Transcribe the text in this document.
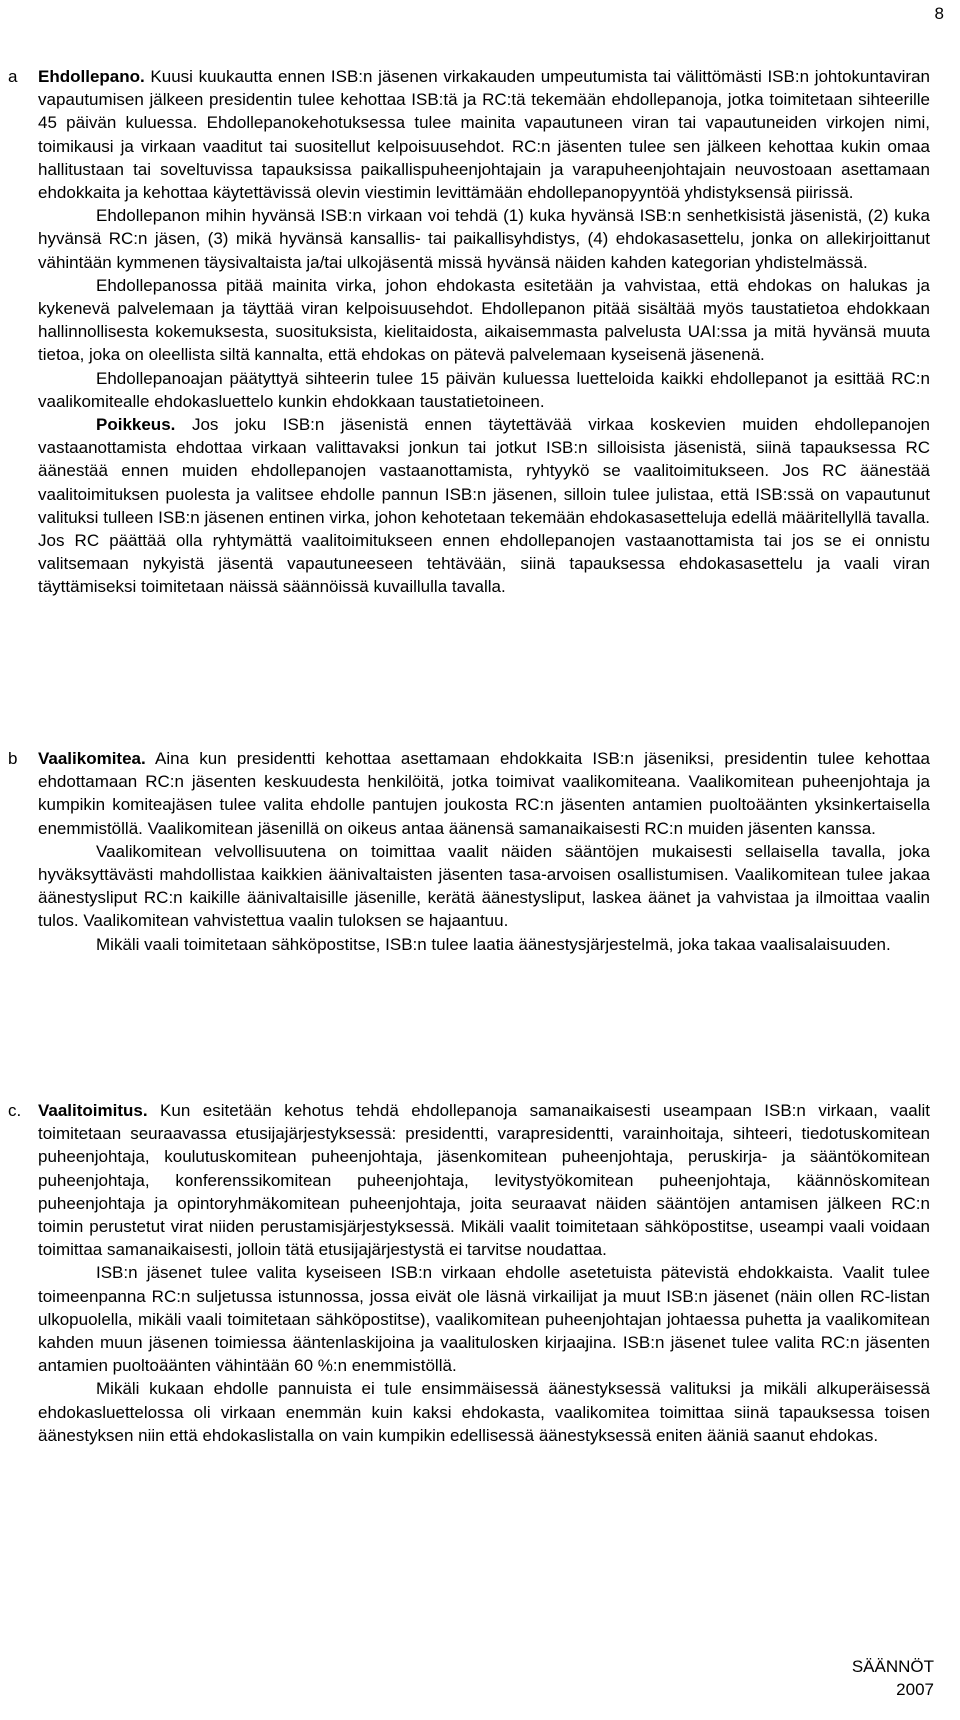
8
a	Ehdollepano. Kuusi kuukautta ennen ISB:n jäsenen virkakauden umpeutumista tai välittömästi ISB:n johtokuntaviran vapautumisen jälkeen presidentin tulee kehottaa ISB:tä ja RC:tä tekemään ehdollepanoja, jotka toimitetaan sihteerille 45 päivän kuluessa. Ehdollepanokehotuksessa tulee mainita vapautuneen viran tai vapautuneiden virkojen nimi, toimikausi ja virkaan vaaditut tai suositellut kelpoisuusehdot. RC:n jäsenten tulee sen jälkeen kehottaa kukin omaa hallitustaan tai soveltuvissa tapauksissa paikallispuheenjohtajain ja varapuheenjohtajain neuvostoaan asettamaan ehdokkaita ja kehottaa käytettävissä olevin viestimin levittämään ehdollepanopyyntöä yhdistyksensä piirissä.

Ehdollepanon mihin hyvänsä ISB:n virkaan voi tehdä (1) kuka hyvänsä ISB:n senhetkisistä jäsenistä, (2) kuka hyvänsä RC:n jäsen, (3) mikä hyvänsä kansallis- tai paikallisyhdistys, (4) ehdokasasettelu, jonka on allekirjoittanut vähintään kymmenen täysivaltaista ja/tai ulkojäsentä missä hyvänsä näiden kahden kategorian yhdistelmässä.

Ehdollepanossa pitää mainita virka, johon ehdokasta esitetään ja vahvistaa, että ehdokas on halukas ja kykenevä palvelemaan ja täyttää viran kelpoisuusehdot. Ehdollepanon pitää sisältää myös taustatietoa ehdokkaan hallinnollisesta kokemuksesta, suosituksista, kielitaidosta, aikaisemmasta palvelusta UAI:ssa ja mitä hyvänsä muuta tietoa, joka on oleellista siltä kannalta, että ehdokas on pätevä palvelemaan kyseisenä jäsenenä.

Ehdollepanoajan päätyttyä sihteerin tulee 15 päivän kuluessa luetteloida kaikki ehdollepanot ja esittää RC:n vaalikomitealle ehdokasluettelo kunkin ehdokkaan taustatietoineen.

Poikkeus. Jos joku ISB:n jäsenistä ennen täytettävää virkaa koskevien muiden ehdollepanojen vastaanottamista ehdottaa virkaan valittavaksi jonkun tai jotkut ISB:n silloisista jäsenistä, siinä tapauksessa RC äänestää ennen muiden ehdollepanojen vastaanottamista, ryhtyykö se vaalitoimitukseen. Jos RC äänestää vaalitoimituksen puolesta ja valitsee ehdolle pannun ISB:n jäsenen, silloin tulee julistaa, että ISB:ssä on vapautunut valituksi tulleen ISB:n jäsenen entinen virka, johon kehotetaan tekemään ehdokasasetteluja edellä määritellyllä tavalla. Jos RC päättää olla ryhtymättä vaalitoimitukseen ennen ehdollepanojen vastaanottamista tai jos se ei onnistu valitsemaan nykyistä jäsentä vapautuneeseen tehtävään, siinä tapauksessa ehdokasasettelu ja vaali viran täyttämiseksi toimitetaan näissä säännöissä kuvaillulla tavalla.

b	Vaalikomitea. Aina kun presidentti kehottaa asettamaan ehdokkaita ISB:n jäseniksi, presidentin tulee kehottaa ehdottamaan RC:n jäsenten keskuudesta henkilöitä, jotka toimivat vaalikomiteana. Vaalikomitean puheenjohtaja ja kumpikin komiteajäsen tulee valita ehdolle pantujen joukosta RC:n jäsenten antamien puoltoäänten yksinkertaisella enemmistöllä. Vaalikomitean jäsenillä on oikeus antaa äänensä samanaikaisesti RC:n muiden jäsenten kanssa.

Vaalikomitean velvollisuutena on toimittaa vaalit näiden sääntöjen mukaisesti sellaisella tavalla, joka hyväksyttävästi mahdollistaa kaikkien äänivaltaisten jäsenten tasa-arvoisen osallistumisen. Vaalikomitean tulee jakaa äänestysliput RC:n kaikille äänivaltaisille jäsenille, kerätä äänestysliput, laskea äänet ja vahvistaa ja ilmoittaa vaalin tulos. Vaalikomitean vahvistettua vaalin tuloksen se hajaantuu.

Mikäli vaali toimitetaan sähköpostitse, ISB:n tulee laatia äänestysjärjestelmä, joka takaa vaalisalaisuuden.

c. Vaalitoimitus. Kun esitetään kehotus tehdä ehdollepanoja samanaikaisesti useampaan ISB:n virkaan, vaalit toimitetaan seuraavassa etusijajärjestyksessä: presidentti, varapresidentti, varainhoitaja, sihteeri, tiedotuskomitean puheenjohtaja, koulutuskomitean puheenjohtaja, jäsenkomitean puheenjohtaja, peruskirja- ja sääntökomitean puheenjohtaja, konferenssikomitean puheenjohtaja, levitystyökomitean puheenjohtaja, käännöskomitean puheenjohtaja ja opintoryhmäkomitean puheenjohtaja, joita seuraavat näiden sääntöjen antamisen jälkeen RC:n toimin perustetut virat niiden perustamisjärjestyksessä. Mikäli vaalit toimitetaan sähköpostitse, useampi vaali voidaan toimittaa samanaikaisesti, jolloin tätä etusijajärjestystä ei tarvitse noudattaa.

ISB:n jäsenet tulee valita kyseiseen ISB:n virkaan ehdolle asetetuista pätevistä ehdokkaista. Vaalit tulee toimeenpanna RC:n suljetussa istunnossa, jossa eivät ole läsnä virkailijat ja muut ISB:n jäsenet (näin ollen RC-listan ulkopuolella, mikäli vaali toimitetaan sähköpostitse), vaalikomitean puheenjohtajan johtaessa puhetta ja vaalikomitean kahden muun jäsenen toimiessa ääntenlaskijoina ja vaalitulosken kirjaajina. ISB:n jäsenet tulee valita RC:n jäsenten antamien puoltoäänten vähintään 60 %:n enemmistöllä.

Mikäli kukaan ehdolle pannuista ei tule ensimmäisessä äänestyksessä valituksi ja mikäli alkuperäisessä ehdokasluettelossa oli virkaan enemmän kuin kaksi ehdokasta, vaalikomitea toimittaa siinä tapauksessa toisen äänestyksen niin että ehdokaslistalla on vain kumpikin edellisessä äänestyksessä eniten ääniä saanut ehdokas.

SÄÄNNÖT
2007
